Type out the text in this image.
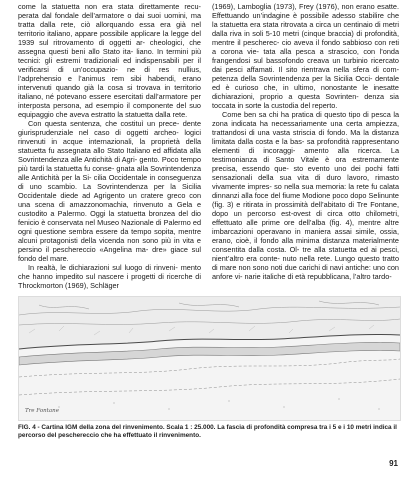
come la statuetta non era stata direttamente recu- perata dal fondale dell’armatore o dai suoi uomini, ma tratta dalla rete, ciò allorquando essa era già nel territorio italiano, appare possibile applicare la legge del 1939 sul ritrovamento di oggetti ar- cheologici, che assegna questi beni allo Stato ita- liano. In termini più tecnici: gli estremi tradizionali ed indispensabili per il verificarsi di un’occupazio- ne di res nullius, l’adprehensio e l’animus rem sibi habendi, erano intervenuti quando già la cosa si trovava in territorio italiano, né potevano essere esercitati dall’armatore per interposta persona, ad esempio il componente del suo equipaggio che aveva estratto la statuetta dalla rete.

Con questa sentenza, che costituì un prece- dente giurisprudenziale nel caso di oggetti archeo- logici rinvenuti in acque internazionali, la proprietà della statuetta fu assegnata allo Stato Italiano ed affidata alla Sovrintendenza alle Antichità di Agri- gento. Poco tempo più tardi la statuetta fu conse- gnata alla Sovrintendenza alle Antichità per la Si- cilia Occidentale in conseguenza di uno scambio. La Sovrintendenza per la Sicilia Occidentale diede ad Agrigento un cratere greco con una scena di amazzonomachia, rinvenuto a Gela e custodito a Palermo. Oggi la statuetta bronzea del dio fenicio è conservata nel Museo Nazionale di Palermo ed ogni questione sembra essere da tempo sopita, mentre alcuni protagonisti della vicenda non sono più in vita e persino il peschereccio «Angelina ma- dre» giace sul fondo del mare.

In realtà, le dichiarazioni sul luogo di rinveni- mento che hanno impedito sul nascere i progetti di ricerche di Throckmorton (1969), Schläger

(1969), Lamboglia (1973), Frey (1976), non erano esatte. Effettuando un’indagine è possibile adesso stabilire che la statuetta era stata ritrovata a circa un centinaio di metri dalla riva in soli 5-10 metri (cinque braccia) di profondità, mentre il pescherec- cio aveva il fondo sabbioso con reti a corona vie- tata alla pesca a strascico, con l’onda frangendosi sul bassofondo creava un turbinio ricercato dai pesci affamati. Il sito rientrava nella sfera di com- petenza della Sovrintendenza per la Sicilia Occi- dentale ed è curioso che, in ultimo, nonostante le inesatte dichiarazioni, proprio a questa Sovrinten- denza sia toccata in sorte la custodia del reperto.

Come ben sa chi ha pratica di questo tipo di pesca la zona indicata ha necessariamente una certa ampiezza, trattandosi di una vasta striscia di fondo. Ma la distanza limitata dalla costa e la bas- sa profondità rappresentano elementi di incoraggi- amento alla ricerca. La testimonianza di Santo Vitale è ora estremamente precisa, essendo que- sto evento uno dei pochi fatti sensazionali della sua vita di duro lavoro, rimasto vivamente impres- so nella sua memoria: la rete fu calata dinnanzi alla foce del fiume Modione poco dopo Selinunte (fig. 3) e ritirata in prossimità dell’abitato di Tre Fontane, dopo un percorso est-ovest di circa otto chilometri, effettuato alle prime ore dell’alba (fig. 4), mentre altre imbarcazioni operavano in maniera assai simile, ossia, erano, cioè, il fondo alla minima distanza materialmente consentita dalla costa. Ol- tre alla statuetta ed ai pesci, nient’altro era conte- nuto nella rete. Lungo questo tratto di mare non sono noti due carichi di navi antiche: uno con anfore vi- narie italiche di età repubblicana, l’altro tardo-

Tre Fontane
FIG. 4 - Cartina IGM della zona del rinvenimento. Scala 1 : 25.000. La fascia di profondità compresa tra i 5 e i 10 metri indica il percorso del peschereccio che ha effettuato il rinvenimento.
91
